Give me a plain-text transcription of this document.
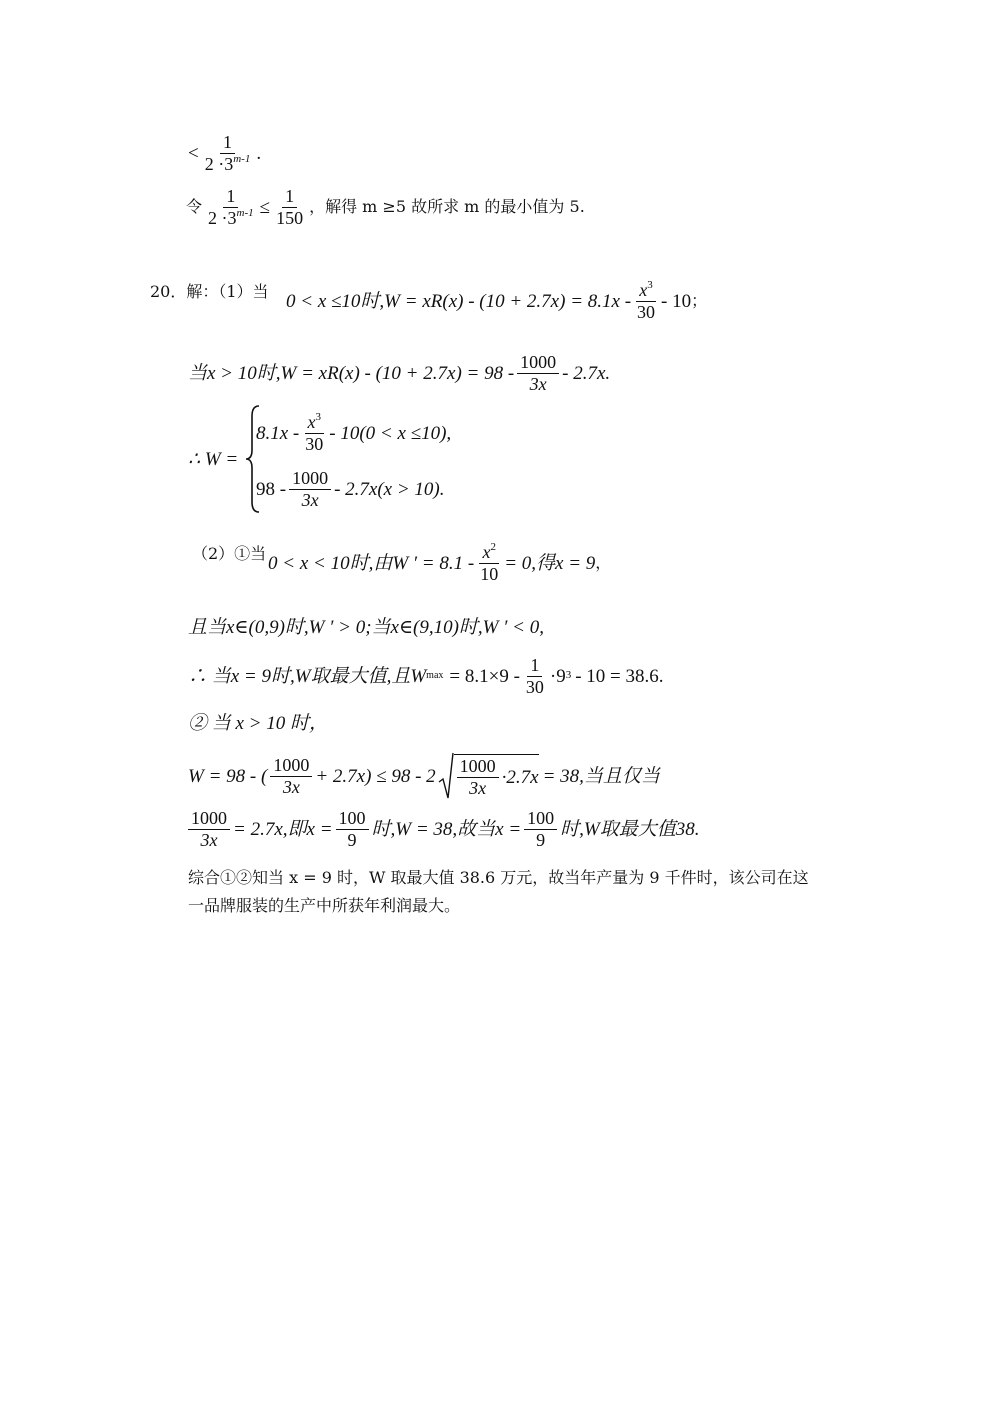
< $\frac{1}{2 \cdot 3^{m-1}}$ .
令 $\frac{1}{2 \cdot 3^{m-1}} \le \frac{1}{150}$ ，解得 m ≥5 故所求 m 的最小值为 5.
20．解：（1）当 0 < x ≤10时$,W = xR(x) - (10 + 2.7x) = 8.1x - \frac{x^3}{30} - 10$ ；
当x > 10时$,W = xR(x) - (10 + 2.7x) = 98 - \frac{1000}{3x} - 2.7x$.
∴ W =
$8.1x - \frac{x^3}{30} - 10(0 < x \le 10)$,
$98 - \frac{1000}{3x} - 2.7x(x > 10)$.
（2）①当 0 < x < 10时,由W ′ = $8.1 - \frac{x^2}{10} = 0$,得x = 9 ，
且当x∈(0,9)时,W ′ > 0;当x∈(9,10)时,W ′ < 0,
∴ 当x = 9时,W取最大值,且W $\max = 8.1\times 9 - \frac{1}{30} \cdot 9^3 - 10 = 38.6$.
② 当 x > 10 时，
W = 98 - ( $\frac{1000}{3x} + 2.7x) \le 98 - 2 \frac{1000}{3x} \cdot 2.7x = 38$,当且仅当
$\frac{1000}{3x} = 2.7x$,即$x = \frac{100}{9}$ 时,W = 38,故当$x = \frac{100}{9}$ 时,W取最大值38.
综合①②知当 x = 9 时，W 取最大值 38.6 万元，故当年产量为 9 千件时，该公司在这
一品牌服装的生产中所获年利润最大。
